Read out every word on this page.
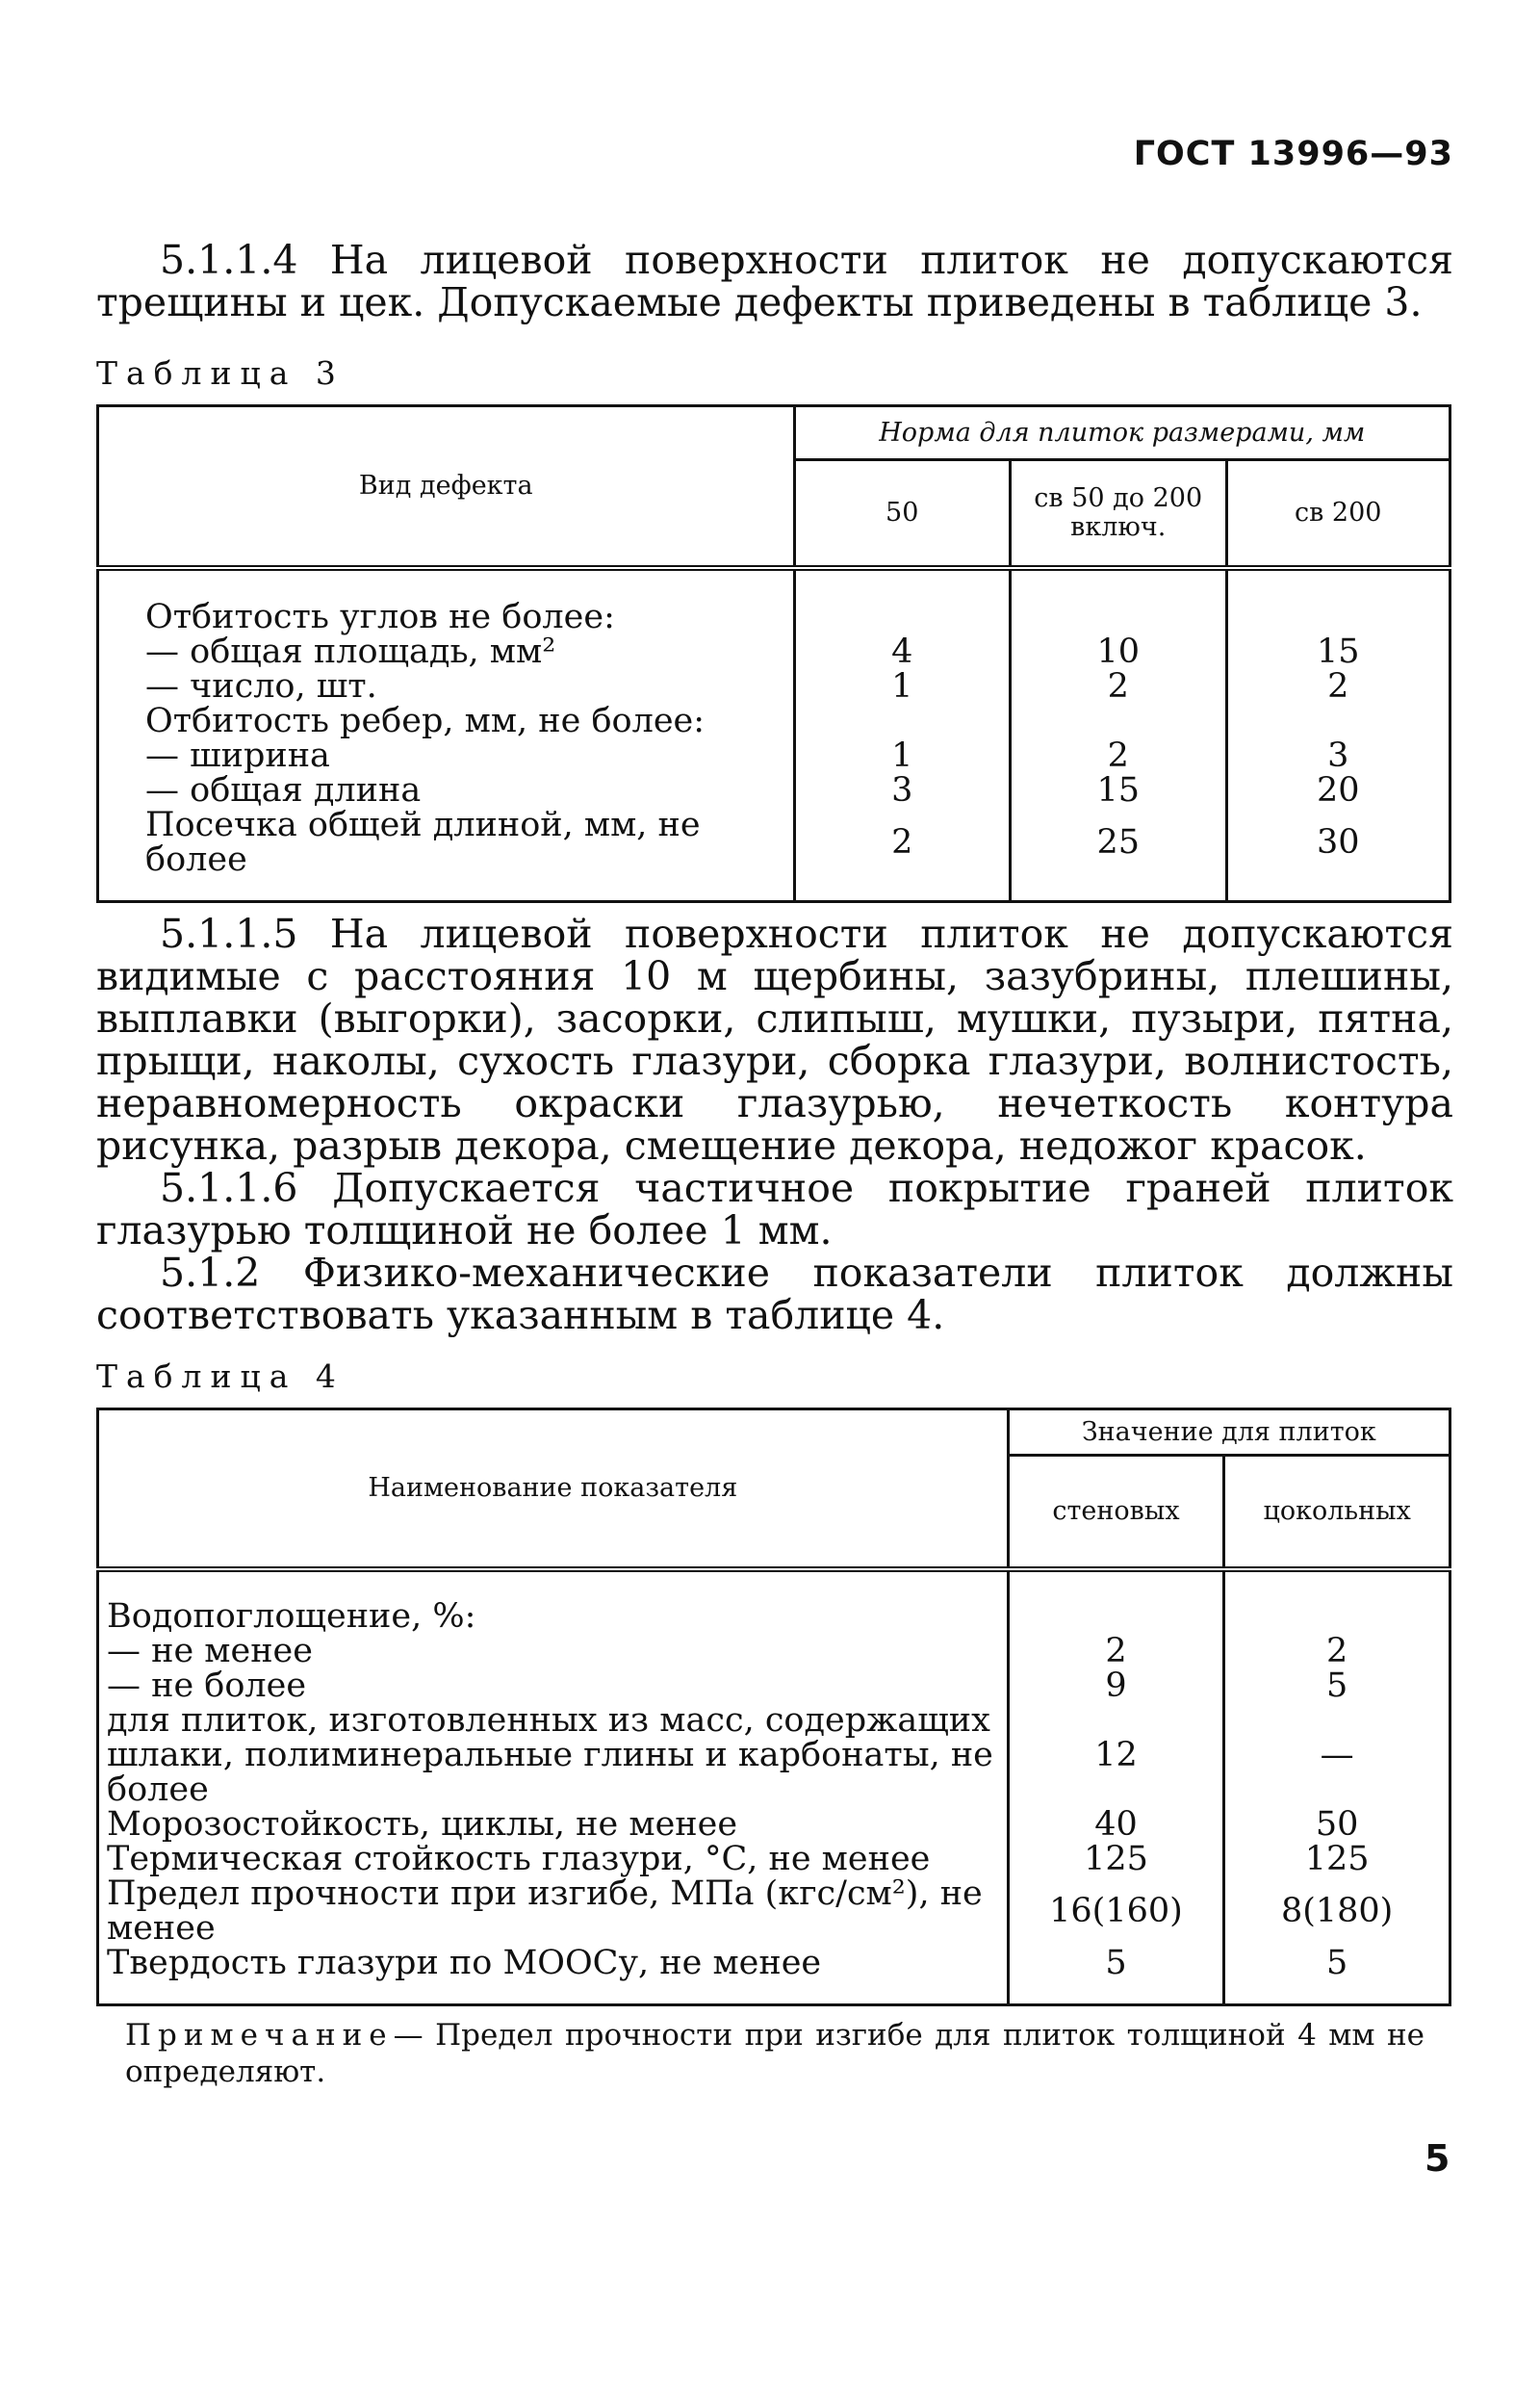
ГОСТ 13996—93
5.1.1.4 На лицевой поверхности плиток не допускаются трещины и цек. Допускаемые дефекты приведены в таблице 3.
Таблица 3
Вид дефекта	Норма для плиток размерами, мм		
	50	св 50 до 200 включ.	св 200
Отбитость углов не более:			
— общая площадь, мм²	4	10	15
— число, шт.	1	2	2
Отбитость ребер, мм, не более:			
— ширина	1	2	3
— общая длина	3	15	20
Посечка общей длиной, мм, не более	2	25	30
5.1.1.5 На лицевой поверхности плиток не допускаются видимые с расстояния 10 м щербины, зазубрины, плешины, выплавки (выгорки), засорки, слипыш, мушки, пузыри, пятна, прыщи, наколы, сухость глазури, сборка глазури, волнистость, неравномерность окраски глазурью, нечеткость контура рисунка, разрыв декора, смещение декора, недожог красок.
5.1.1.6 Допускается частичное покрытие граней плиток глазурью толщиной не более 1 мм.
5.1.2 Физико-механические показатели плиток должны соответствовать указанным в таблице 4.
Таблица 4
Наименование показателя	Значение для плиток	
	стеновых	цокольных
Водопоглощение, %:		
— не менее	2	2
— не более	9	5
для плиток, изготовленных из масс, содержащих шлаки, полиминеральные глины и карбонаты, не более	12	—
Морозостойкость, циклы, не менее	40	50
Термическая стойкость глазури, °С, не менее	125	125
Предел прочности при изгибе, МПа (кгс/см²), не менее	16(160)	8(180)
Твердость глазури по МООСу, не менее	5	5
Примечание— Предел прочности при изгибе для плиток толщиной 4 мм не определяют.
5
